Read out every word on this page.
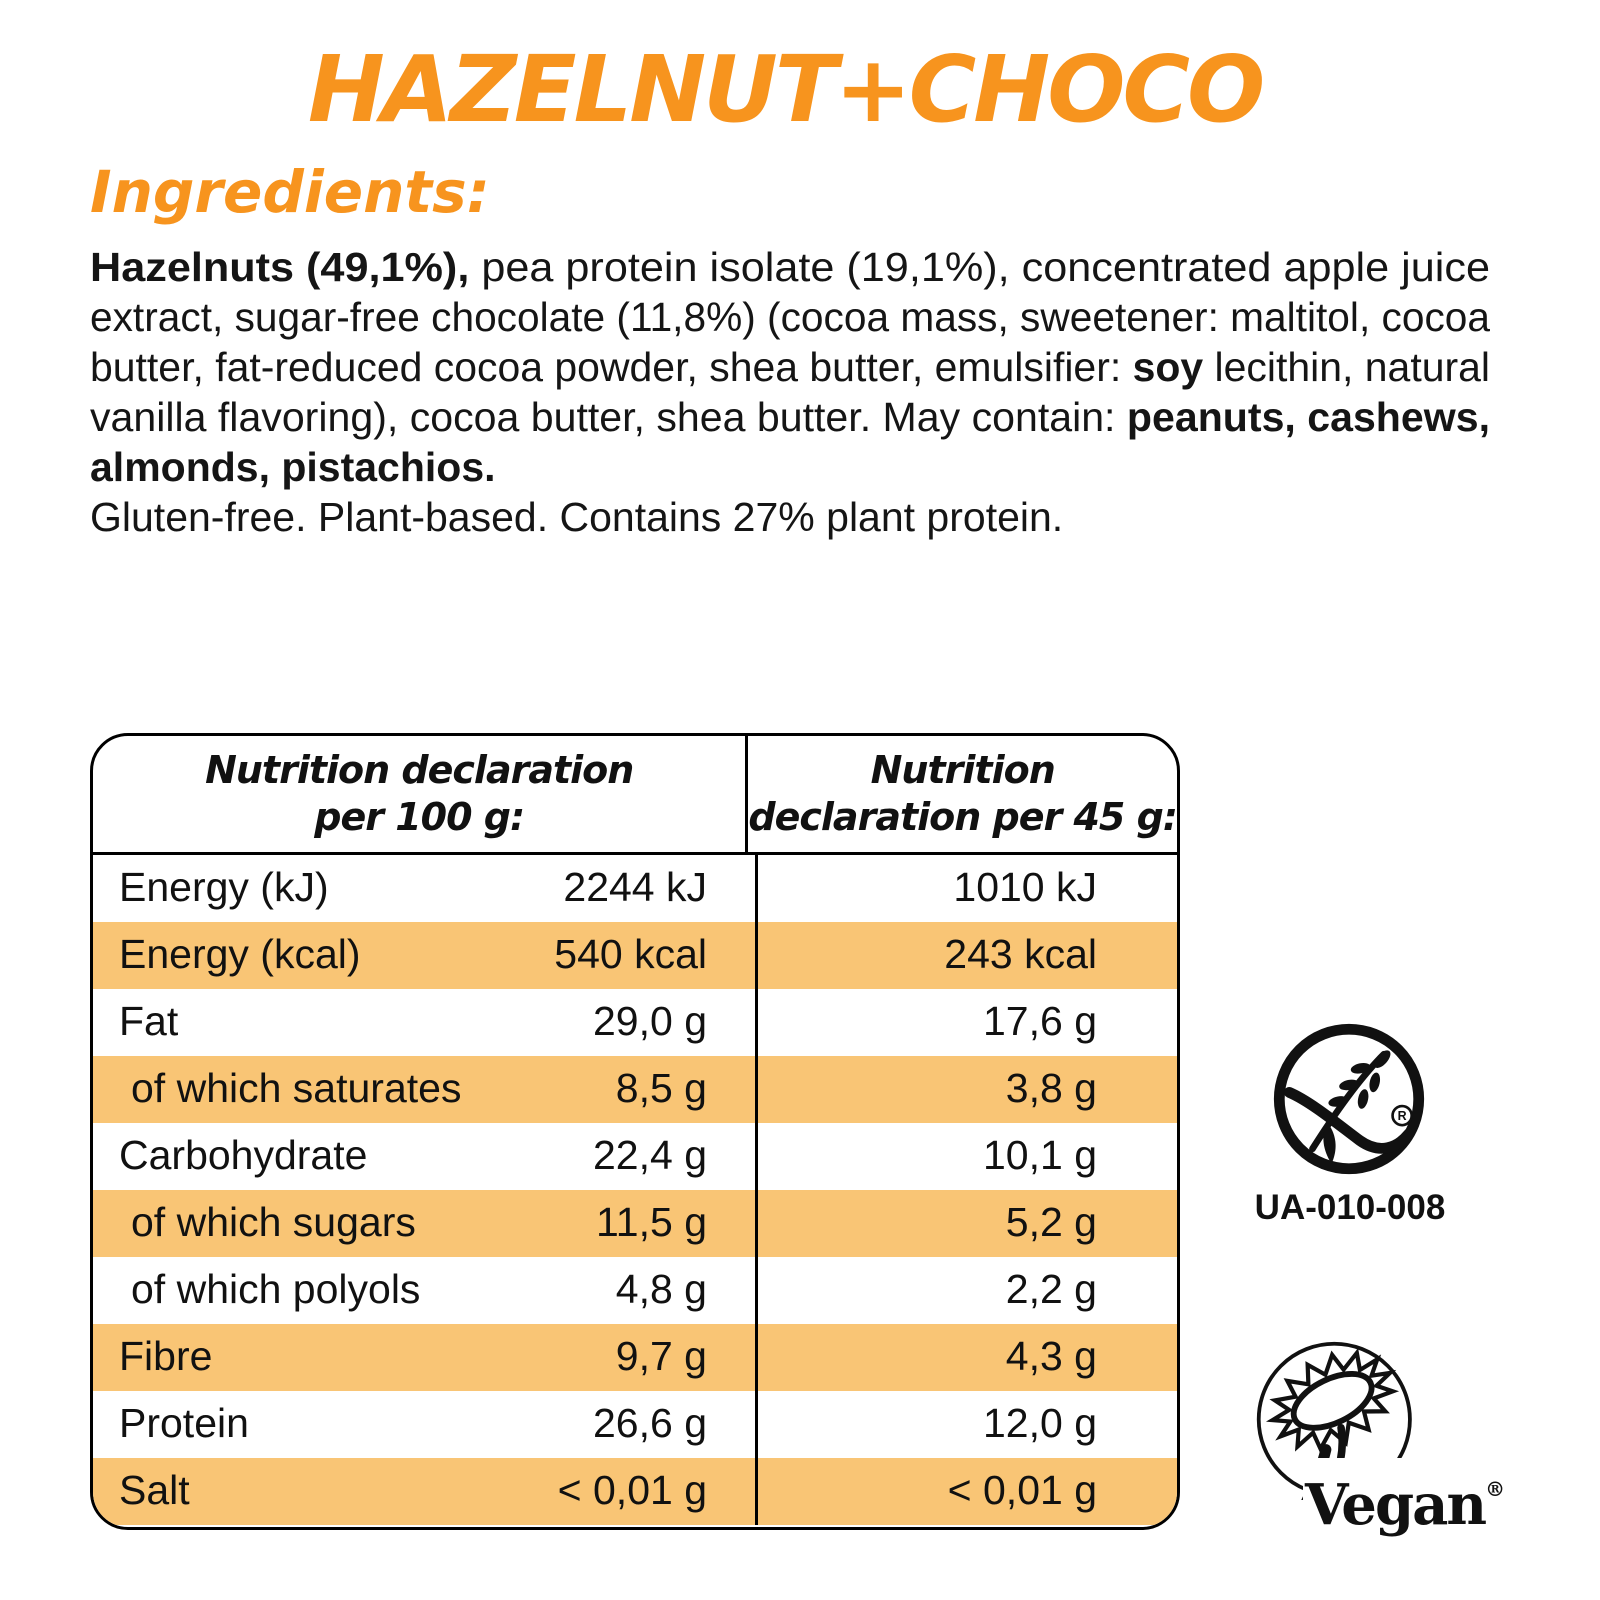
HAZELNUT+CHOCO
Ingredients:

Hazelnuts (49,1%), pea protein isolate (19,1%), concentrated apple juice

extract, sugar-free chocolate (11,8%) (cocoa mass, sweetener: maltitol, cocoa

butter, fat-reduced cocoa powder, shea butter, emulsifier: soy lecithin, natural

vanilla flavoring), cocoa butter, shea butter. May contain: peanuts, cashews,

almonds, pistachios.

Gluten-free. Plant-based. Contains 27% plant protein.

Nutrition declaration
per 100 g:
Nutrition
declaration per 45 g:
Energy (kJ)	2244 kJ	1010 kJ
Energy (kcal)	540 kcal	243 kcal
Fat	29,0 g	17,6 g
of which saturates	8,5 g	3,8 g
Carbohydrate	22,4 g	10,1 g
of which sugars	11,5 g	5,2 g
of which polyols	4,8 g	2,2 g
Fibre	9,7 g	4,3 g
Protein	26,6 g	12,0 g
Salt	< 0,01 g	< 0,01 g
R
UA-010-008
Vegan®
